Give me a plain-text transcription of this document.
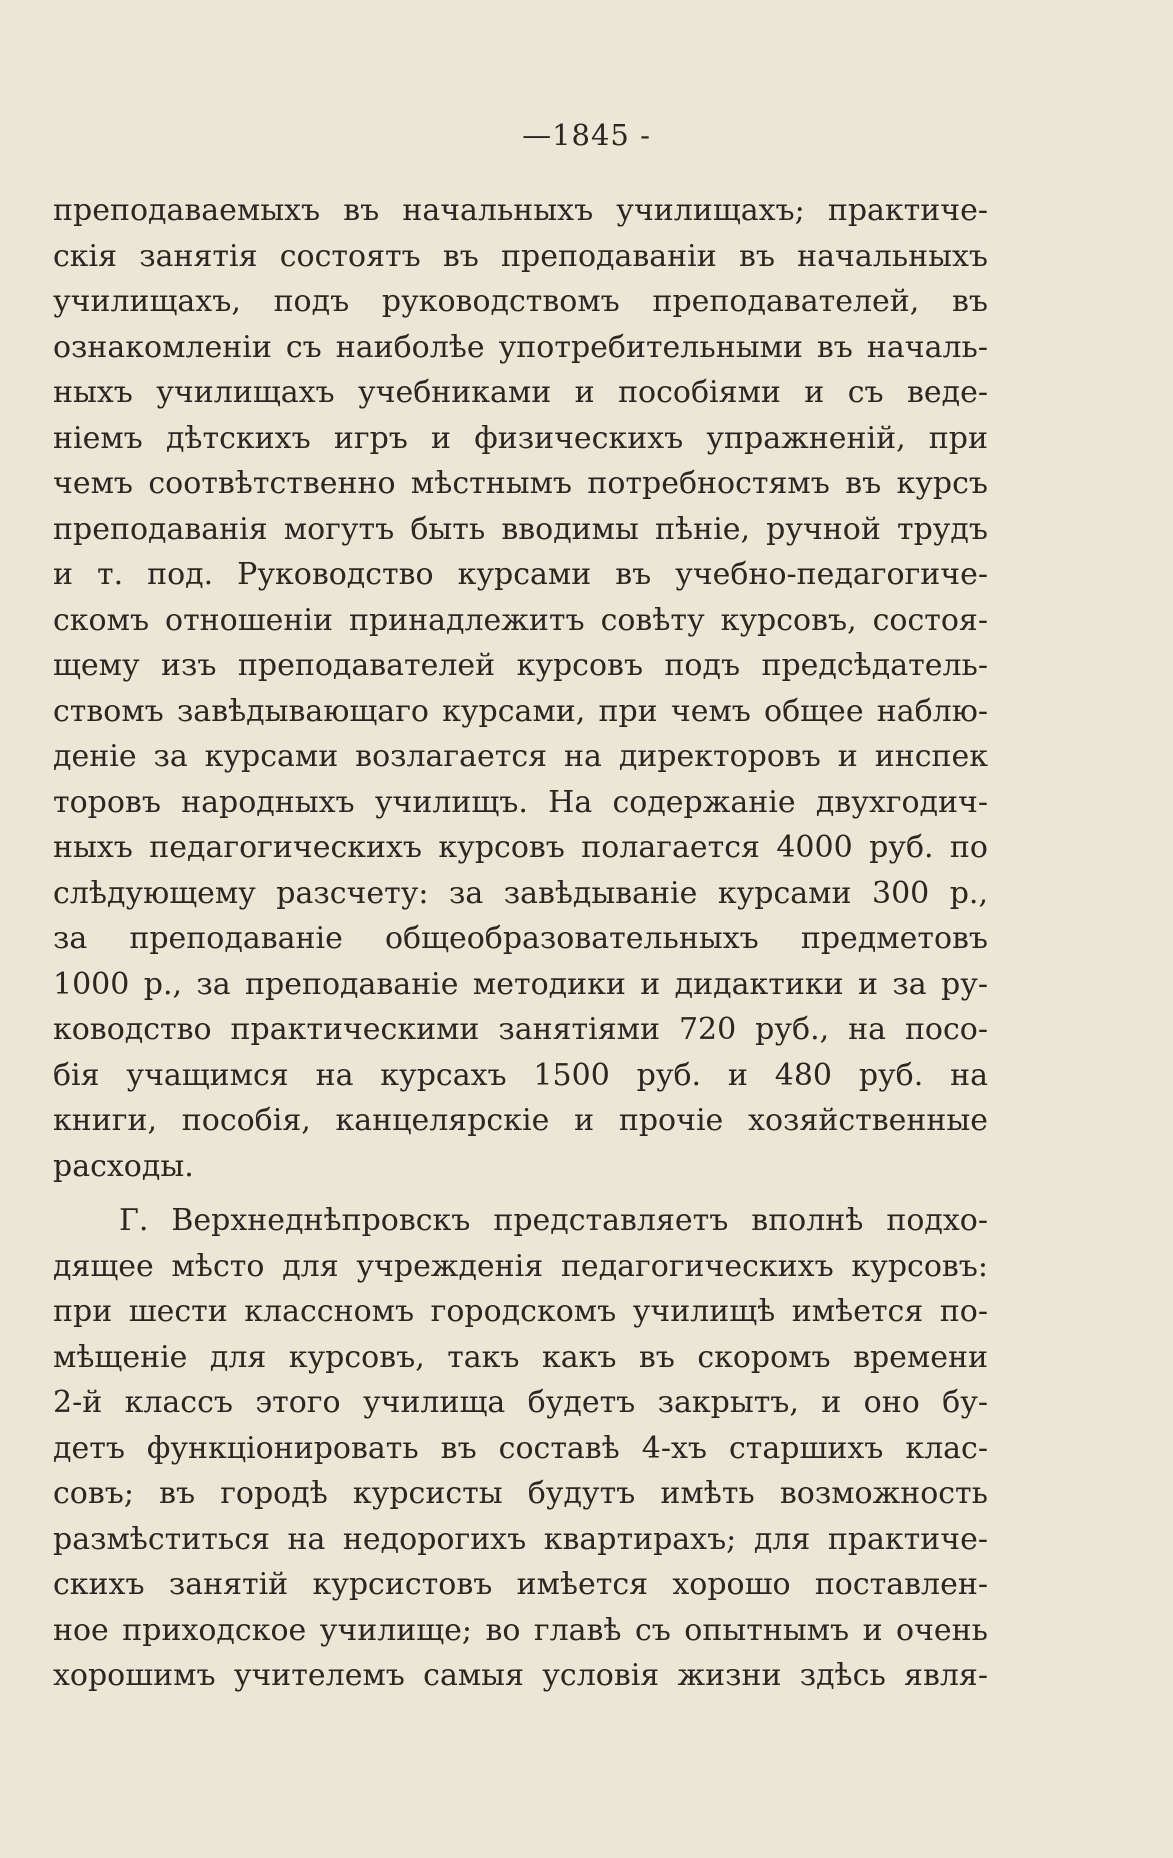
—1845 -
преподаваемыхъ въ начальныхъ училищахъ; практиче-
скія занятія состоятъ въ преподаваніи въ начальныхъ
училищахъ, подъ руководствомъ преподавателей, въ
ознакомленіи съ наиболѣе употребительными въ началь-
ныхъ училищахъ учебниками и пособіями и съ веде-
ніемъ дѣтскихъ игръ и физическихъ упражненій, при
чемъ соотвѣтственно мѣстнымъ потребностямъ въ курсъ
преподаванія могутъ быть вводимы пѣніе, ручной трудъ
и т. под. Руководство курсами въ учебно-педагогиче-
скомъ отношеніи принадлежитъ совѣту курсовъ, состоя-
щему изъ преподавателей курсовъ подъ предсѣдатель-
ствомъ завѣдывающаго курсами, при чемъ общее наблю-
деніе за курсами возлагается на директоровъ и инспек
торовъ народныхъ училищъ. На содержаніе двухгодич-
ныхъ педагогическихъ курсовъ полагается 4000 руб. по
слѣдующему разсчету: за завѣдываніе курсами 300 р.,
за преподаваніе общеобразовательныхъ предметовъ
1000 р., за преподаваніе методики и дидактики и за ру-
ководство практическими занятіями 720 руб., на посо-
бія учащимся на курсахъ 1500 руб. и 480 руб. на
книги, пособія, канцелярскіе и прочіе хозяйственные
расходы.
Г. Верхнеднѣпровскъ представляетъ вполнѣ подхо-
дящее мѣсто для учрежденія педагогическихъ курсовъ:
при шести классномъ городскомъ училищѣ имѣется по-
мѣщеніе для курсовъ, такъ какъ въ скоромъ времени
2-й классъ этого училища будетъ закрытъ, и оно бу-
детъ функціонировать въ составѣ 4-хъ старшихъ клас-
совъ; въ городѣ курсисты будутъ имѣть возможность
размѣститься на недорогихъ квартирахъ; для практиче-
скихъ занятій курсистовъ имѣется хорошо поставлен-
ное приходское училище; во главѣ съ опытнымъ и очень
хорошимъ учителемъ самыя условія жизни здѣсь явля-
